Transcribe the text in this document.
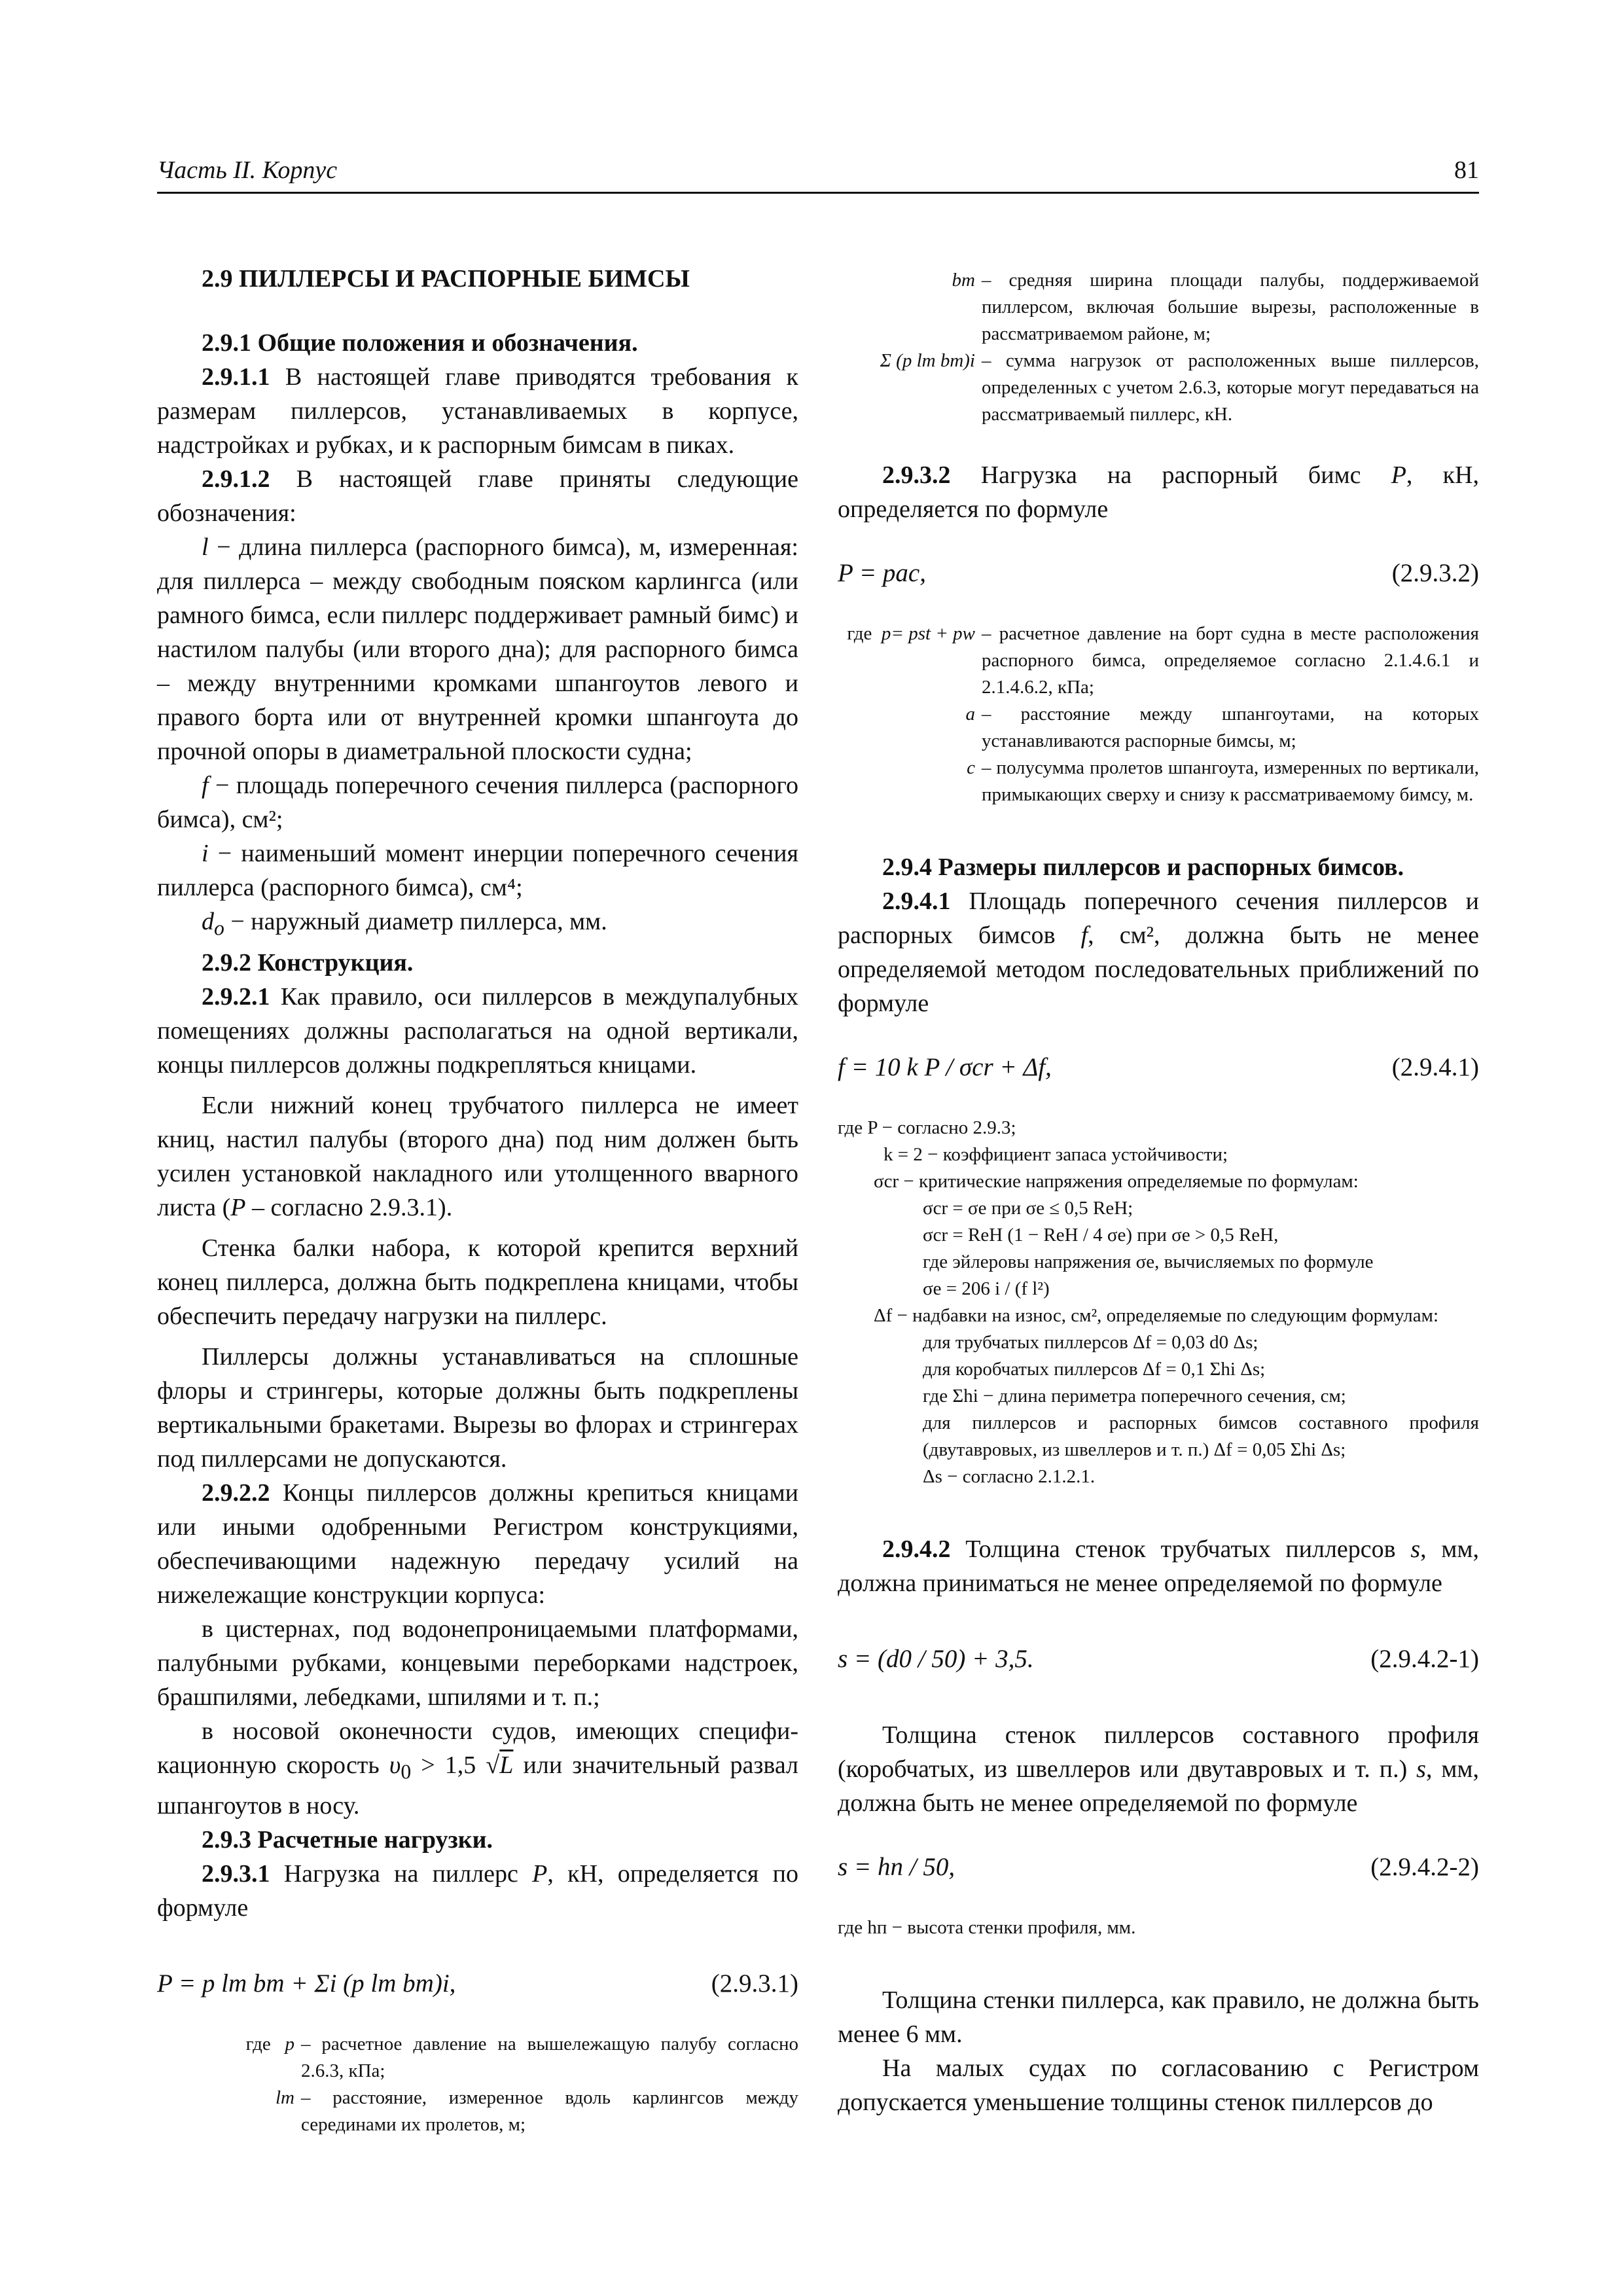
Часть II. Корпус	81

2.9 ПИЛЛЕРСЫ И РАСПОРНЫЕ БИМСЫ

2.9.1 Общие положения и обозначения.

2.9.1.1 В настоящей главе приводятся требования к размерам пиллерсов, устанавливаемых в корпусе, надстройках и рубках, и к распорным бимсам в пиках.

2.9.1.2 В настоящей главе приняты следующие обозначения:

l − длина пиллерса (распорного бимса), м, измеренная: для пиллерса – между свободным пояском карлингса (или рамного бимса, если пиллерс поддерживает рамный бимс) и настилом палубы (или второго дна); для распорного бимса – между внутренними кромками шпангоутов левого и правого борта или от внутренней кромки шпангоута до прочной опоры в диаметральной плоскости судна;

f − площадь поперечного сечения пиллерса (распорного бимса), см²;

i − наименьший момент инерции поперечного сечения пиллерса (распорного бимса), см⁴;

$d_o$ − наружный диаметр пиллерса, мм.

2.9.2 Конструкция.

2.9.2.1 Как правило, оси пиллерсов в междупалубных помещениях должны располагаться на одной вертикали, концы пиллерсов должны подкрепляться кницами.

Если нижний конец трубчатого пиллерса не имеет книц, настил палубы (второго дна) под ним должен быть усилен установкой накладного или утолщенного вварного листа (P – согласно 2.9.3.1).

Стенка балки набора, к которой крепится верхний конец пиллерса, должна быть подкреплена кницами, чтобы обеспечить передачу нагрузки на пиллерс.

Пиллерсы должны устанавливаться на сплошные флоры и стрингеры, которые должны быть подкреплены вертикальными бракетами. Вырезы во флорах и стрингерах под пиллерсами не допускаются.

2.9.2.2 Концы пиллерсов должны крепиться кницами или иными одобренными Регистром конструкциями, обеспечивающими надежную передачу усилий на нижележащие конструкции корпуса:

в цистернах, под водонепроницаемыми платформами, палубными рубками, концевыми переборками надстроек, брашпилями, лебедками, шпилями и т. п.;

в носовой оконечности судов, имеющих спецификационную скорость $\upsilon_0 > 1,5$ √L или значительный развал шпангоутов в носу.

2.9.3 Расчетные нагрузки.

2.9.3.1 Нагрузка на пиллерс P, кН, определяется по формуле

P = p lm bm + Σi (p lm bm)i,	(2.9.3.1)
где p – расчетное давление на вышележащую палубу согласно 2.6.3, кПа;
lm – расстояние, измеренное вдоль карлингсов между серединами их пролетов, м;
bm – средняя ширина площади палубы, поддерживаемой пиллерсом, включая большие вырезы, расположенные в рассматриваемом районе, м;
Σ (p lm bm)i – сумма нагрузок от расположенных выше пиллерсов, определенных с учетом 2.6.3, которые могут передаваться на рассматриваемый пиллерс, кН.

2.9.3.2 Нагрузка на распорный бимс P, кН, определяется по формуле

P = pac,	(2.9.3.2)
где p= pst + pw – расчетное давление на борт судна в месте расположения распорного бимса, определяемое согласно 2.1.4.6.1 и 2.1.4.6.2, кПа;
a – расстояние между шпангоутами, на которых устанавливаются распорные бимсы, м;
c – полусумма пролетов шпангоута, измеренных по вертикали, примыкающих сверху и снизу к рассматриваемому бимсу, м.

2.9.4 Размеры пиллерсов и распорных бимсов.

2.9.4.1 Площадь поперечного сечения пиллерсов и распорных бимсов f, см², должна быть не менее определяемой методом последовательных приближений по формуле

f = 10 k P / σcr + Δf,	(2.9.4.1)

где P − согласно 2.9.3;

k = 2 − коэффициент запаса устойчивости;

σcr − критические напряжения определяемые по формулам:

σcr = σe при σe ≤ 0,5 ReH;

σcr = ReH (1 − ReH / 4 σe) при σe > 0,5 ReH,

где эйлеровы напряжения σe, вычисляемых по формуле

σe = 206 i / (f l²)

Δf − надбавки на износ, см², определяемые по следующим формулам:

для трубчатых пиллерсов Δf = 0,03 d0 Δs;

для коробчатых пиллерсов Δf = 0,1 Σhi Δs;

где Σhi − длина периметра поперечного сечения, см;

для пиллерсов и распорных бимсов составного профиля (двутавровых, из швеллеров и т. п.) Δf = 0,05 Σhi Δs;

Δs − согласно 2.1.2.1.

2.9.4.2 Толщина стенок трубчатых пиллерсов s, мм, должна приниматься не менее определяемой по формуле

s = (d0 / 50) + 3,5.	(2.9.4.2-1)

Толщина стенок пиллерсов составного профиля (коробчатых, из швеллеров или двутавровых и т. п.) s, мм, должна быть не менее определяемой по формуле

s = hп / 50,	(2.9.4.2-2)

где hп − высота стенки профиля, мм.

Толщина стенки пиллерса, как правило, не должна быть менее 6 мм.

На малых судах по согласованию с Регистром допускается уменьшение толщины стенок пиллерсов до
